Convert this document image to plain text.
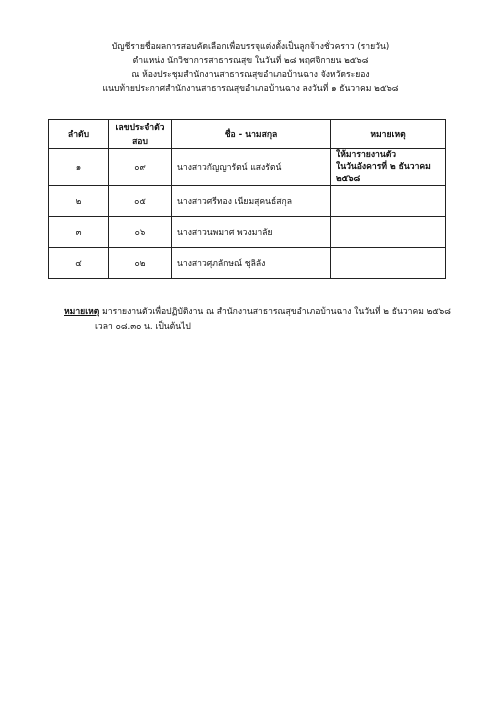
บัญชีรายชื่อผลการสอบคัดเลือกเพื่อบรรจุแต่งตั้งเป็นลูกจ้างชั่วคราว (รายวัน)
ตำแหน่ง นักวิชาการสาธารณสุข ในวันที่ ๒๘ พฤศจิกายน ๒๕๖๘
ณ ห้องประชุมสำนักงานสาธารณสุขอำเภอบ้านฉาง จังหวัดระยอง
แนบท้ายประกาศสำนักงานสาธารณสุขอำเภอบ้านฉาง ลงวันที่ ๑ ธันวาคม ๒๕๖๘
ลำดับ	เลขประจำตัวสอบ	ชื่อ - นามสกุล	หมายเหตุ
๑	๐๙	นางสาวกัญญารัตน์ แสงรัตน์	ให้มารายงานตัว
ในวันอังคารที่ ๒ ธันวาคม ๒๕๖๘

๒	๐๕	นางสาวศรีทอง เนียมสุคนธ์สกุล	

๓	๐๖	นางสาวนพมาศ พวงมาลัย	

๔	๐๒	นางสาวศุภลักษณ์ ชุลิลัง	
หมายเหตุ มารายงานตัวเพื่อปฏิบัติงาน ณ สำนักงานสาธารณสุขอำเภอบ้านฉาง ในวันที่ ๒ ธันวาคม ๒๕๖๘
เวลา ๐๘.๓๐ น. เป็นต้นไป
